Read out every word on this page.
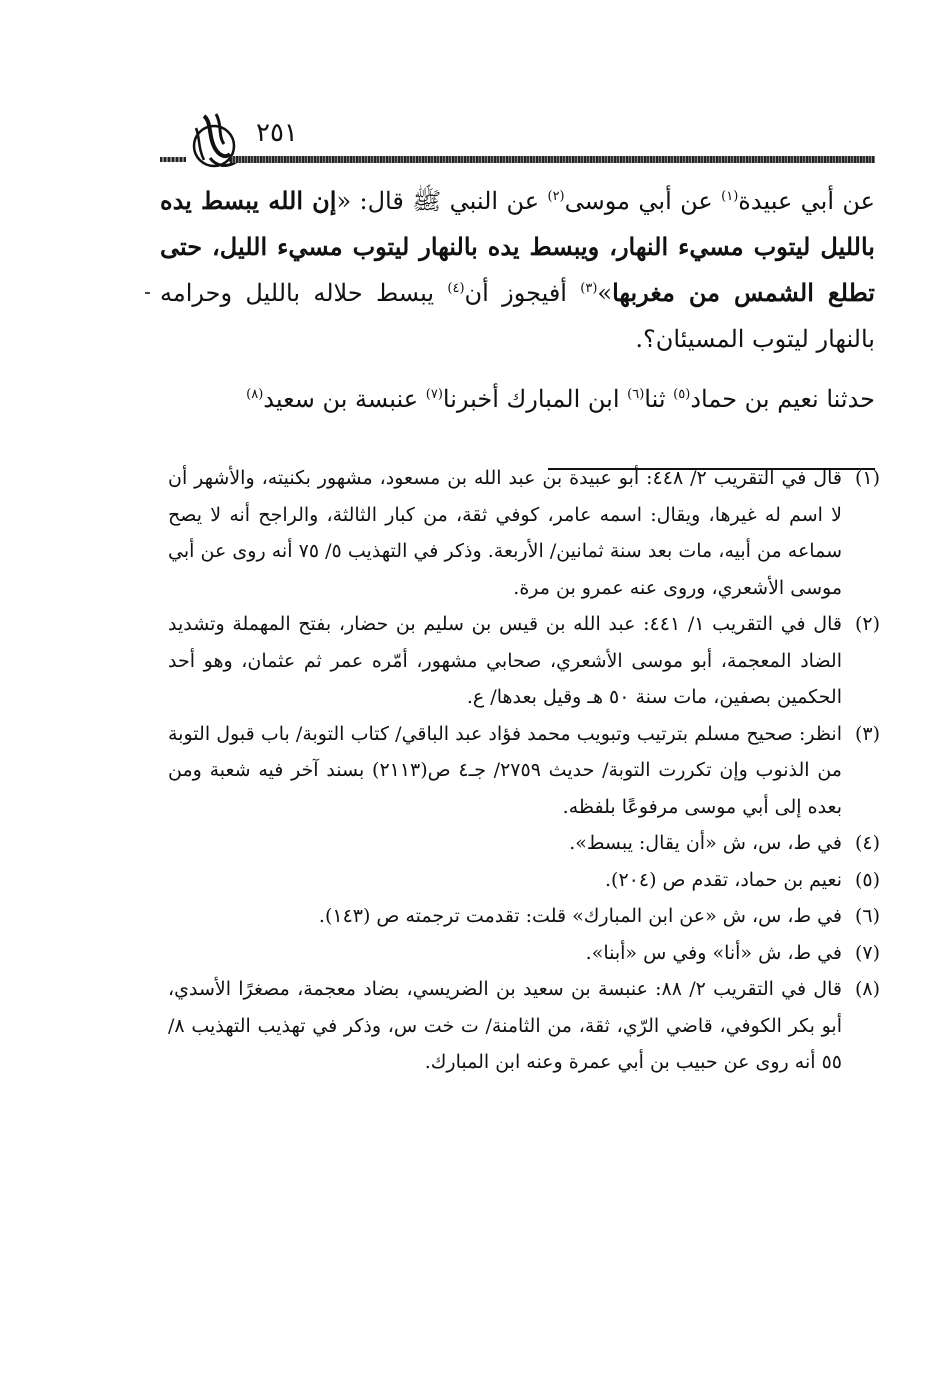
٢٥١

عن أبي عبيدة$^{(١)}$ عن أبي موسى$^{(٢)}$ عن النبي ﷺ قال: «إن الله يبسط يده بالليل ليتوب مسيء النهار، ويبسط يده بالنهار ليتوب مسيء الليل، حتى تطلع الشمس من مغربها»$^{(٣)}$ أفيجوز أن$^{(٤)}$ يبسط حلاله بالليل وحرامه بالنهار ليتوب المسيئان؟.

حدثنا نعيم بن حماد$^{(٥)}$ ثنا$^{(٦)}$ ابن المبارك أخبرنا$^{(٧)}$ عنبسة بن سعيد$^{(٨)}$

(١)
قال في التقريب ٢/ ٤٤٨: أبو عبيدة بن عبد الله بن مسعود، مشهور بكنيته، والأشهر أن لا اسم له غيرها، ويقال: اسمه عامر، كوفي ثقة، من كبار الثالثة، والراجح أنه لا يصح سماعه من أبيه، مات بعد سنة ثمانين/ الأربعة. وذكر في التهذيب ٥/ ٧٥ أنه روى عن أبي موسى الأشعري، وروى عنه عمرو بن مرة.
(٢)
قال في التقريب ١/ ٤٤١: عبد الله بن قيس بن سليم بن حضار، بفتح المهملة وتشديد الضاد المعجمة، أبو موسى الأشعري، صحابي مشهور، أمّره عمر ثم عثمان، وهو أحد الحكمين بصفين، مات سنة ٥٠ هـ وقيل بعدها/ ع.
(٣)
انظر: صحيح مسلم بترتيب وتبويب محمد فؤاد عبد الباقي/ كتاب التوبة/ باب قبول التوبة من الذنوب وإن تكررت التوبة/ حديث ٢٧٥٩/ جـ٤ ص(٢١١٣) بسند آخر فيه شعبة ومن بعده إلى أبي موسى مرفوعًا بلفظه.
(٤)
في ط، س، ش «أن يقال: يبسط».
(٥)
نعيم بن حماد، تقدم ص (٢٠٤).
(٦)
في ط، س، ش «عن ابن المبارك» قلت: تقدمت ترجمته ص (١٤٣).
(٧)
في ط، ش «أنا» وفي س «أبنا».
(٨)
قال في التقريب ٢/ ٨٨: عنبسة بن سعيد بن الضريسي، بضاد معجمة، مصغرًا الأسدي، أبو بكر الكوفي، قاضي الرّي، ثقة، من الثامنة/ ت خت س، وذكر في تهذيب التهذيب ٨/ ٥٥ أنه روى عن حبيب بن أبي عمرة وعنه ابن المبارك.
